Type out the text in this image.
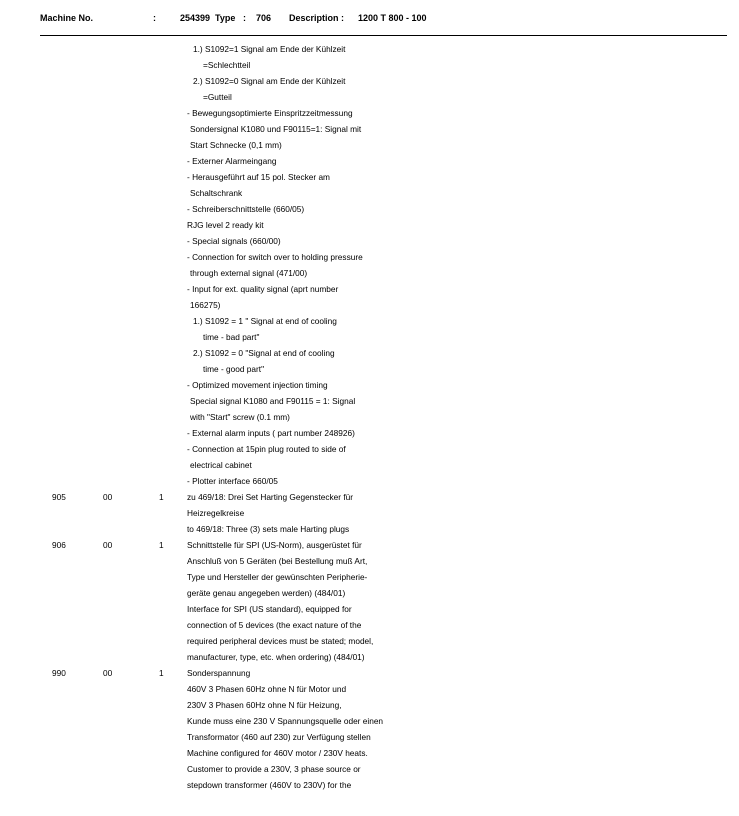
Machine No.	:	254399 Type : 706 Description : 1200 T 800 - 100
1.) S1092=1 Signal am Ende der Kühlzeit
=Schlechtteil
2.) S1092=0 Signal am Ende der Kühlzeit
=Gutteil
- Bewegungsoptimierte Einspritzzeitmessung
Sondersignal K1080 und F90115=1: Signal mit
Start Schnecke (0,1 mm)
- Externer Alarmeingang
- Herausgeführt auf 15 pol. Stecker am
Schaltschrank
- Schreiberschnittstelle (660/05)
RJG level 2 ready kit
- Special signals (660/00)
- Connection for switch over to holding pressure
through external signal (471/00)
- Input for ext. quality signal (aprt number
166275)
1.) S1092 = 1 " Signal at end of cooling
time - bad part"
2.) S1092 = 0 "Signal at end of cooling
time - good part"
- Optimized movement injection timing
Special signal K1080 and F90115 = 1: Signal
with "Start" screw (0.1 mm)
- External alarm inputs ( part number 248926)
- Connection at 15pin plug routed to side of
electrical cabinet
- Plotter interface 660/05
905	00	1	zu 469/18: Drei Set Harting Gegenstecker für
Heizregelkreise
to 469/18: Three (3) sets male Harting plugs
906	00	1	Schnittstelle für SPI (US-Norm), ausgerüstet für
Anschluß von 5 Geräten (bei Bestellung muß Art,
Type und Hersteller der gewünschten Peripherie-
geräte genau angegeben werden) (484/01)
Interface for SPI (US standard), equipped for
connection of 5 devices (the exact nature of the
required peripheral devices must be stated; model,
manufacturer, type, etc. when ordering) (484/01)
990	00	1	Sonderspannung
460V 3 Phasen 60Hz ohne N für Motor und
230V 3 Phasen 60Hz ohne N für Heizung,
Kunde muss eine 230 V Spannungsquelle oder einen
Transformator (460 auf 230) zur Verfügung stellen
Machine configured for 460V motor / 230V heats.
Customer to provide a 230V, 3 phase source or
stepdown transformer (460V to 230V) for the
